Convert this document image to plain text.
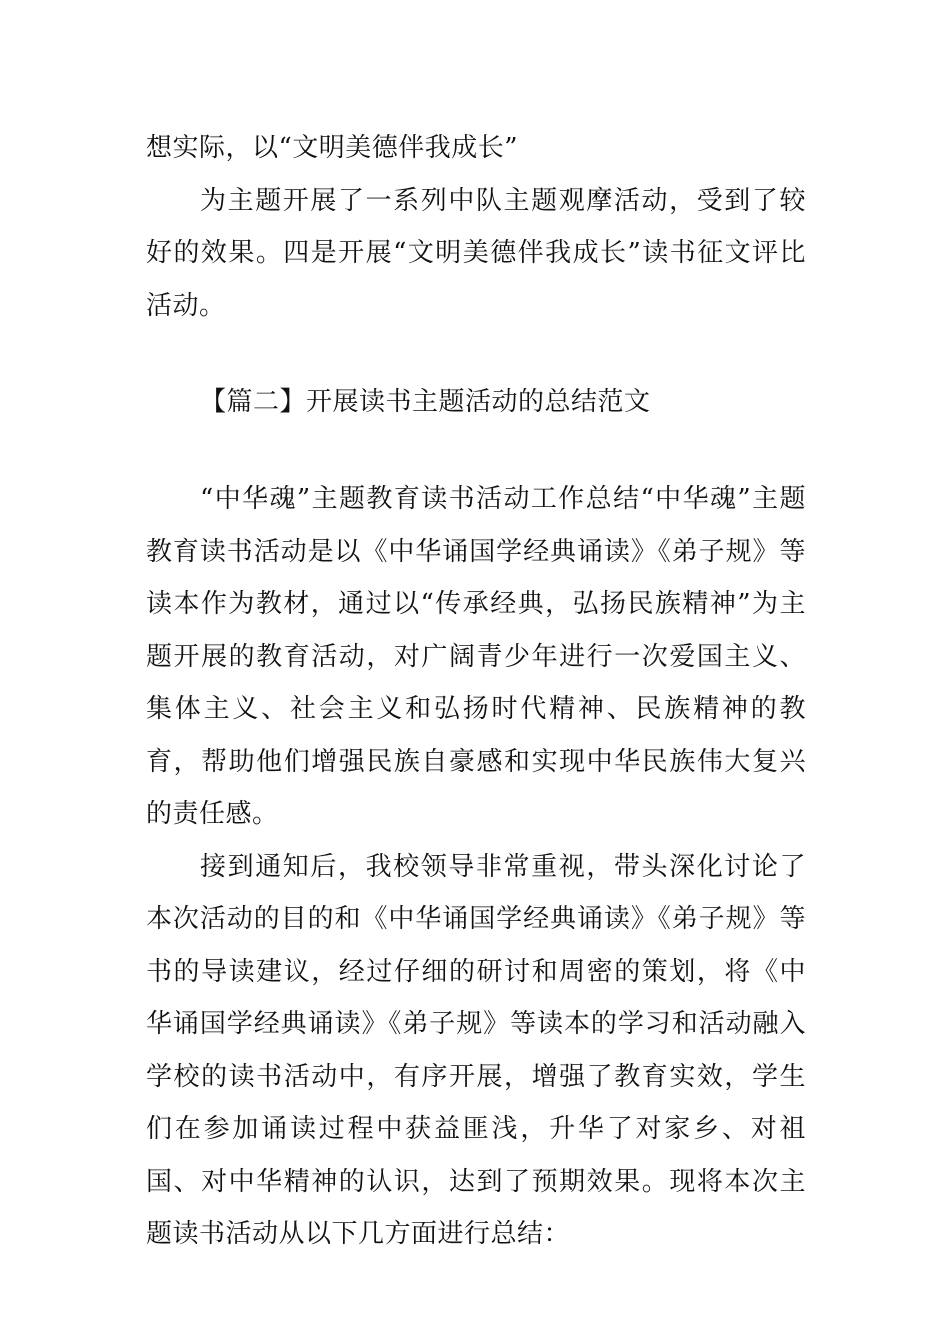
想实际，以“文明美德伴我成长”

为主题开展了一系列中队主题观摩活动，受到了较好的效果。四是开展“文明美德伴我成长”读书征文评比活动。

【篇二】开展读书主题活动的总结范文

“中华魂”主题教育读书活动工作总结“中华魂”主题教育读书活动是以《中华诵国学经典诵读》《弟子规》等读本作为教材，通过以“传承经典，弘扬民族精神”为主题开展的教育活动，对广阔青少年进行一次爱国主义、集体主义、社会主义和弘扬时代精神、民族精神的教育，帮助他们增强民族自豪感和实现中华民族伟大复兴的责任感。

接到通知后，我校领导非常重视，带头深化讨论了本次活动的目的和《中华诵国学经典诵读》《弟子规》等书的导读建议，经过仔细的研讨和周密的策划，将《中华诵国学经典诵读》《弟子规》等读本的学习和活动融入学校的读书活动中，有序开展，增强了教育实效，学生们在参加诵读过程中获益匪浅，升华了对家乡、对祖国、对中华精神的认识，达到了预期效果。现将本次主题读书活动从以下几方面进行总结：
